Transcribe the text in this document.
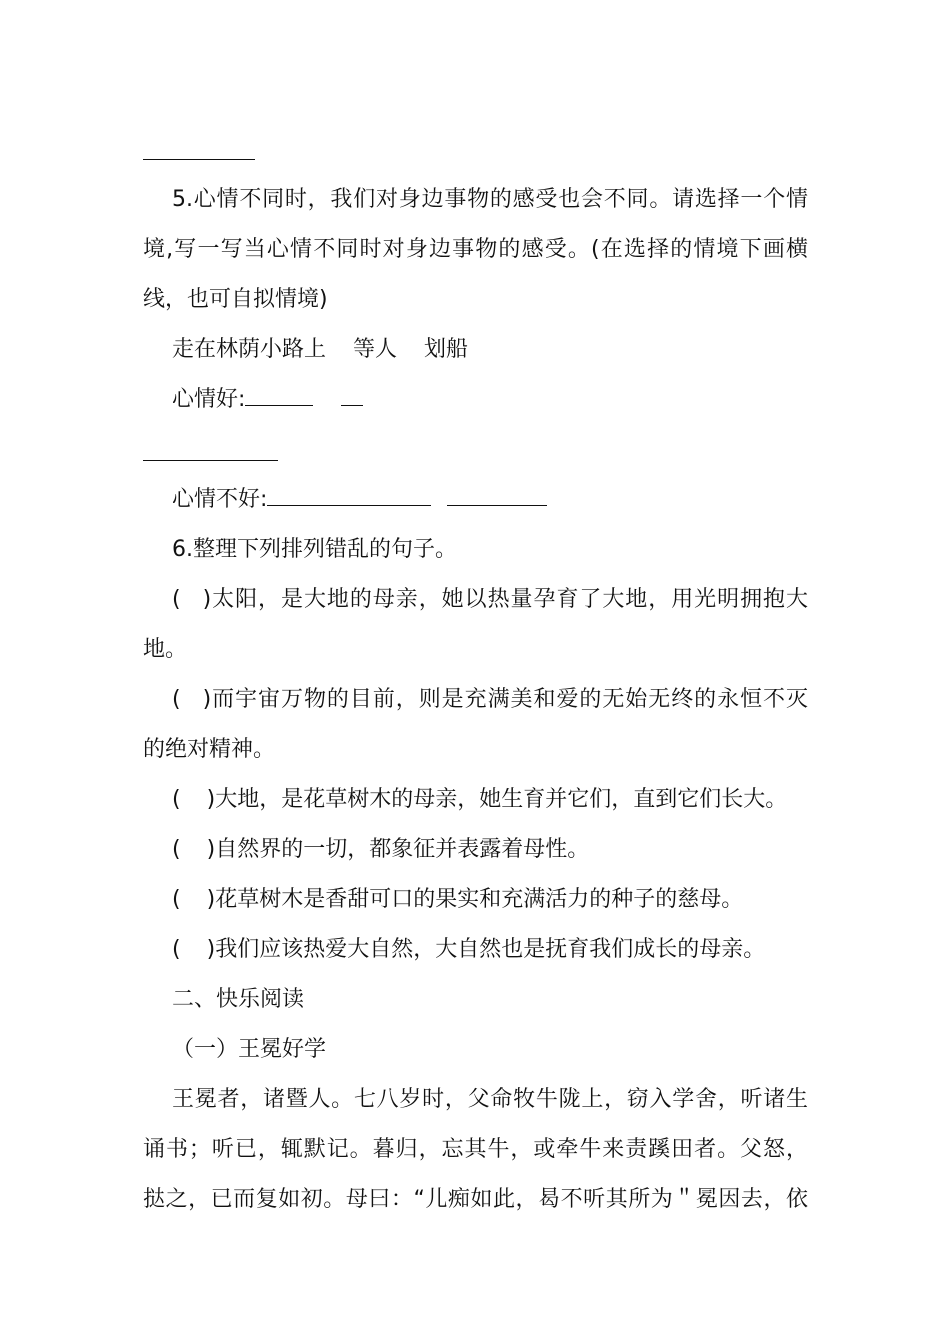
5.心情不同时，我们对身边事物的感受也会不同。请选择一个情
境,写一写当心情不同时对身边事物的感受。(在选择的情境下画横
线，也可自拟情境)
走在林荫小路上 等人 划船
心情好:
心情不好:
6.整理下列排列错乱的句子。
( )太阳，是大地的母亲，她以热量孕育了大地，用光明拥抱大
地。
( )而宇宙万物的目前，则是充满美和爱的无始无终的永恒不灭
的绝对精神。
( )大地，是花草树木的母亲，她生育并它们，直到它们长大。
( )自然界的一切，都象征并表露着母性。
( )花草树木是香甜可口的果实和充满活力的种子的慈母。
( )我们应该热爱大自然，大自然也是抚育我们成长的母亲。
二、快乐阅读
（一）王冕好学
王冕者，诸暨人。七八岁时，父命牧牛陇上，窃入学舍，听诸生
诵书；听已，辄默记。暮归，忘其牛，或牵牛来责蹊田者。父怒，
挞之，已而复如初。母曰：“儿痴如此，曷不听其所为＂冕因去，依
